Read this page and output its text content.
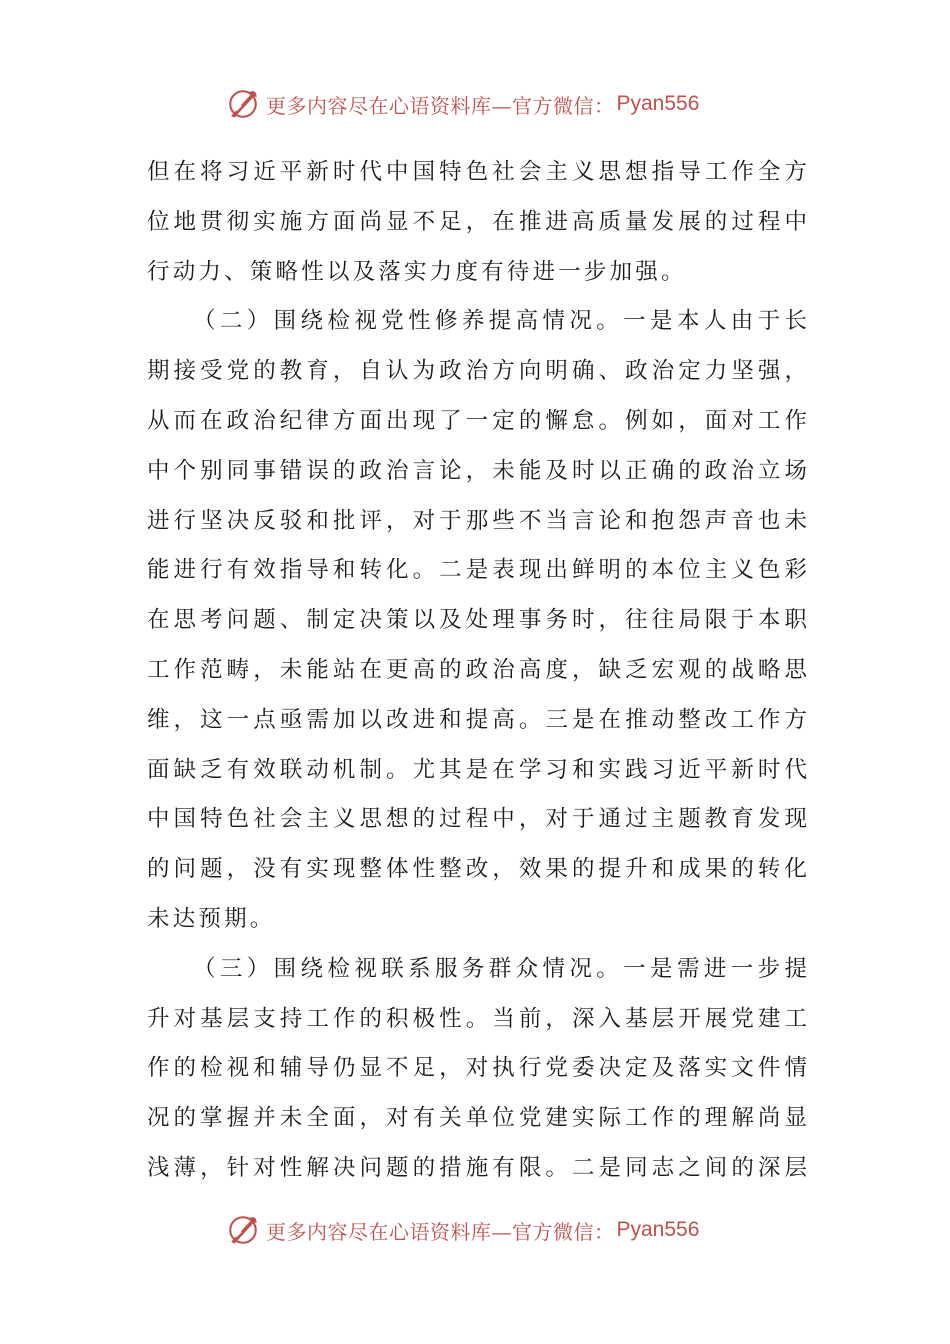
更多内容尽在心语资料库—官方微信： Pyan556
但在将习近平新时代中国特色社会主义思想指导工作全方
位地贯彻实施方面尚显不足，在推进高质量发展的过程中
行动力、策略性以及落实力度有待进一步加强。
（二）围绕检视党性修养提高情况。一是本人由于长
期接受党的教育，自认为政治方向明确、政治定力坚强，
从而在政治纪律方面出现了一定的懈怠。例如，面对工作
中个别同事错误的政治言论，未能及时以正确的政治立场
进行坚决反驳和批评，对于那些不当言论和抱怨声音也未
能进行有效指导和转化。二是表现出鲜明的本位主义色彩
在思考问题、制定决策以及处理事务时，往往局限于本职
工作范畴，未能站在更高的政治高度，缺乏宏观的战略思
维，这一点亟需加以改进和提高。三是在推动整改工作方
面缺乏有效联动机制。尤其是在学习和实践习近平新时代
中国特色社会主义思想的过程中，对于通过主题教育发现
的问题，没有实现整体性整改，效果的提升和成果的转化
未达预期。
（三）围绕检视联系服务群众情况。一是需进一步提
升对基层支持工作的积极性。当前，深入基层开展党建工
作的检视和辅导仍显不足，对执行党委决定及落实文件情
况的掌握并未全面，对有关单位党建实际工作的理解尚显
浅薄，针对性解决问题的措施有限。二是同志之间的深层
更多内容尽在心语资料库—官方微信： Pyan556
